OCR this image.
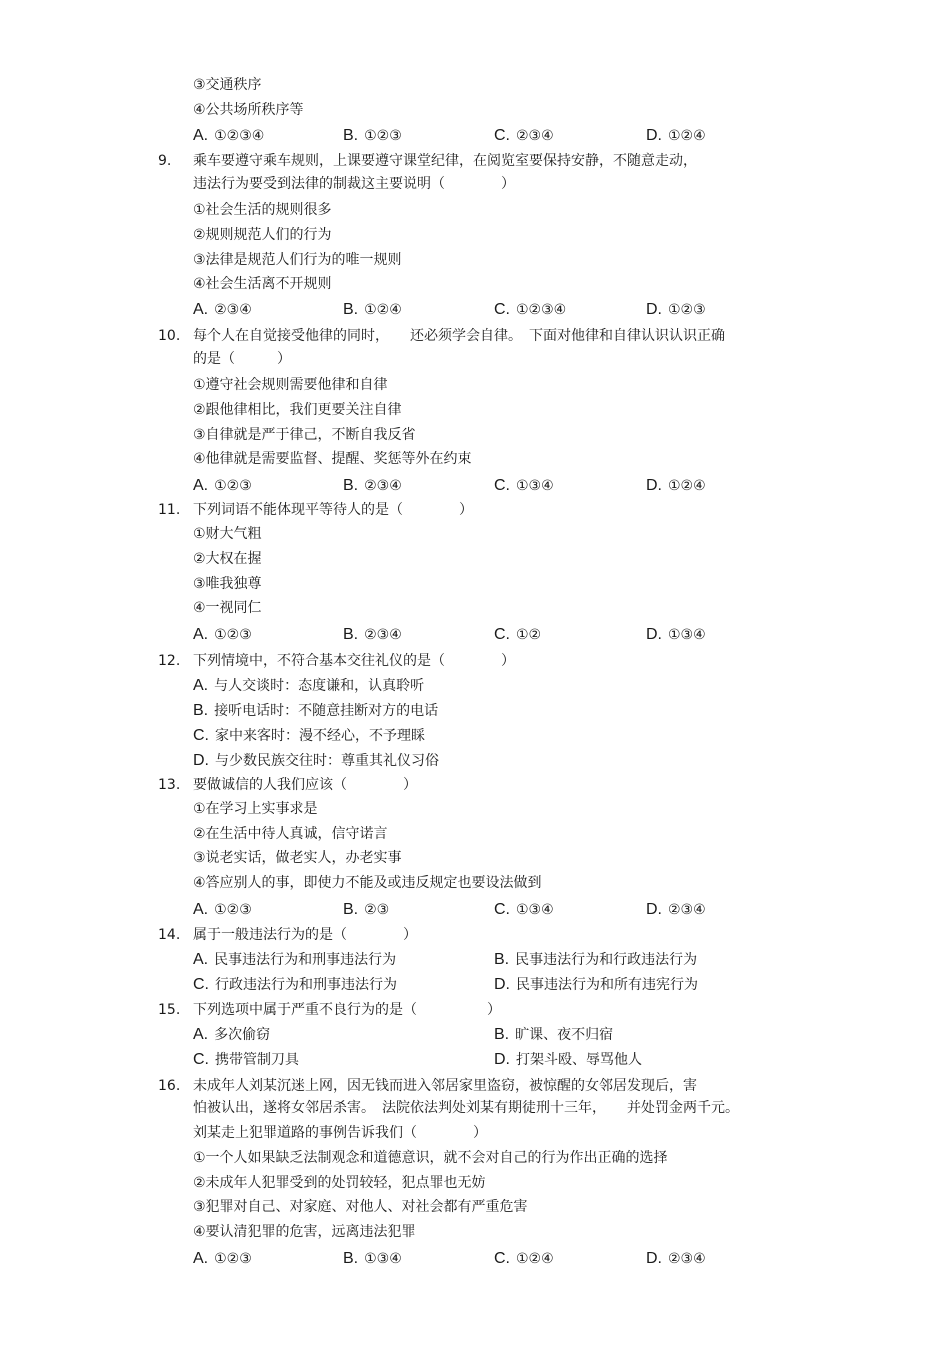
③交通秩序
④公共场所秩序等
A. ①②③④	B. ①②③	C. ②③④	D. ①②④
9. 乘车要遵守乘车规则，上课要遵守课堂纪律，在阅览室要保持安静，不随意走动，
违法行为要受到法律的制裁这主要说明（　　　　）
①社会生活的规则很多
②规则规范人们的行为
③法律是规范人们行为的唯一规则
④社会生活离不开规则
A. ②③④	B. ①②④	C. ①②③④	D. ①②③
10. 每个人在自觉接受他律的同时，　　还必须学会自律。　下面对他律和自律认识认识正确
的是（　　　）
①遵守社会规则需要他律和自律
②跟他律相比，我们更要关注自律
③自律就是严于律己，不断自我反省
④他律就是需要监督、提醒、奖惩等外在约束
A. ①②③	B. ②③④	C. ①③④	D. ①②④
11. 下列词语不能体现平等待人的是（　　　　）
①财大气粗
②大权在握
③唯我独尊
④一视同仁
A. ①②③	B. ②③④	C. ①②	D. ①③④
12. 下列情境中，不符合基本交往礼仪的是（　　　　）
A. 与人交谈时：态度谦和，认真聆听
B. 接听电话时：不随意挂断对方的电话
C. 家中来客时：漫不经心，不予理睬
D. 与少数民族交往时：尊重其礼仪习俗
13. 要做诚信的人我们应该（　　　　）
①在学习上实事求是
②在生活中待人真诚，信守诺言
③说老实话，做老实人，办老实事
④答应别人的事，即使力不能及或违反规定也要设法做到
A. ①②③	B. ②③	C. ①③④	D. ②③④
14. 属于一般违法行为的是（　　　　）
A. 民事违法行为和刑事违法行为	B. 民事违法行为和行政违法行为
C. 行政违法行为和刑事违法行为	D. 民事违法行为和所有违宪行为
15. 下列选项中属于严重不良行为的是（　　　　　）
A. 多次偷窃	B. 旷课、夜不归宿
C. 携带管制刀具	D. 打架斗殴、辱骂他人
16. 未成年人刘某沉迷上网，因无钱而进入邻居家里盗窃，被惊醒的女邻居发现后，害
怕被认出，遂将女邻居杀害。　法院依法判处刘某有期徒刑十三年，　　并处罚金两千元。
刘某走上犯罪道路的事例告诉我们（　　　　）
①一个人如果缺乏法制观念和道德意识，就不会对自己的行为作出正确的选择
②未成年人犯罪受到的处罚较轻，犯点罪也无妨
③犯罪对自己、对家庭、对他人、对社会都有严重危害
④要认清犯罪的危害，远离违法犯罪
A. ①②③	B. ①③④	C. ①②④	D. ②③④
